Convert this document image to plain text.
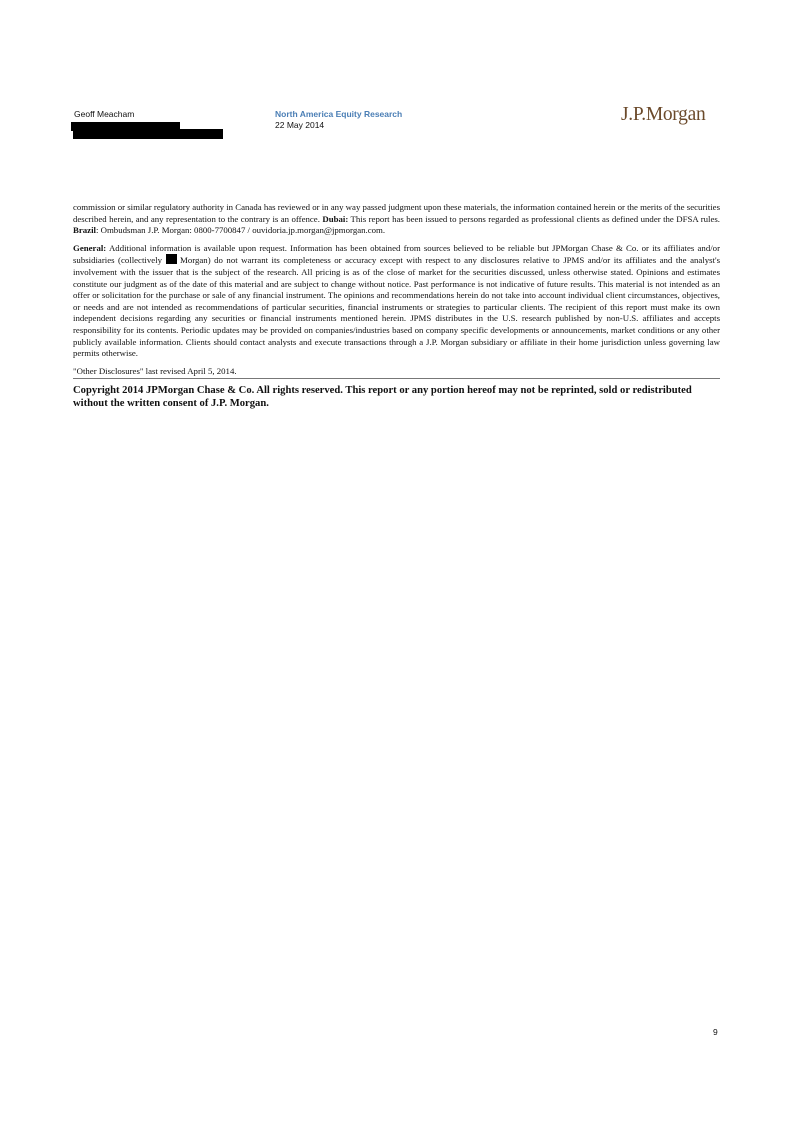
Geoff Meacham	North America Equity Research
22 May 2014	J.P.Morgan

commission or similar regulatory authority in Canada has reviewed or in any way passed judgment upon these materials, the information contained herein or the merits of the securities described herein, and any representation to the contrary is an offence. Dubai: This report has been issued to persons regarded as professional clients as defined under the DFSA rules. Brazil: Ombudsman J.P. Morgan: 0800-7700847 / ouvidoria.jp.morgan@jpmorgan.com.

General: Additional information is available upon request. Information has been obtained from sources believed to be reliable but JPMorgan Chase & Co. or its affiliates and/or subsidiaries (collectively  Morgan) do not warrant its completeness or accuracy except with respect to any disclosures relative to JPMS and/or its affiliates and the analyst's involvement with the issuer that is the subject of the research. All pricing is as of the close of market for the securities discussed, unless otherwise stated. Opinions and estimates constitute our judgment as of the date of this material and are subject to change without notice. Past performance is not indicative of future results. This material is not intended as an offer or solicitation for the purchase or sale of any financial instrument. The opinions and recommendations herein do not take into account individual client circumstances, objectives, or needs and are not intended as recommendations of particular securities, financial instruments or strategies to particular clients. The recipient of this report must make its own independent decisions regarding any securities or financial instruments mentioned herein. JPMS distributes in the U.S. research published by non-U.S. affiliates and accepts responsibility for its contents. Periodic updates may be provided on companies/industries based on company specific developments or announcements, market conditions or any other publicly available information. Clients should contact analysts and execute transactions through a J.P. Morgan subsidiary or affiliate in their home jurisdiction unless governing law permits otherwise.

"Other Disclosures" last revised April 5, 2014.

Copyright 2014 JPMorgan Chase & Co. All rights reserved. This report or any portion hereof may not be reprinted, sold or redistributed without the written consent of J.P. Morgan.
9
